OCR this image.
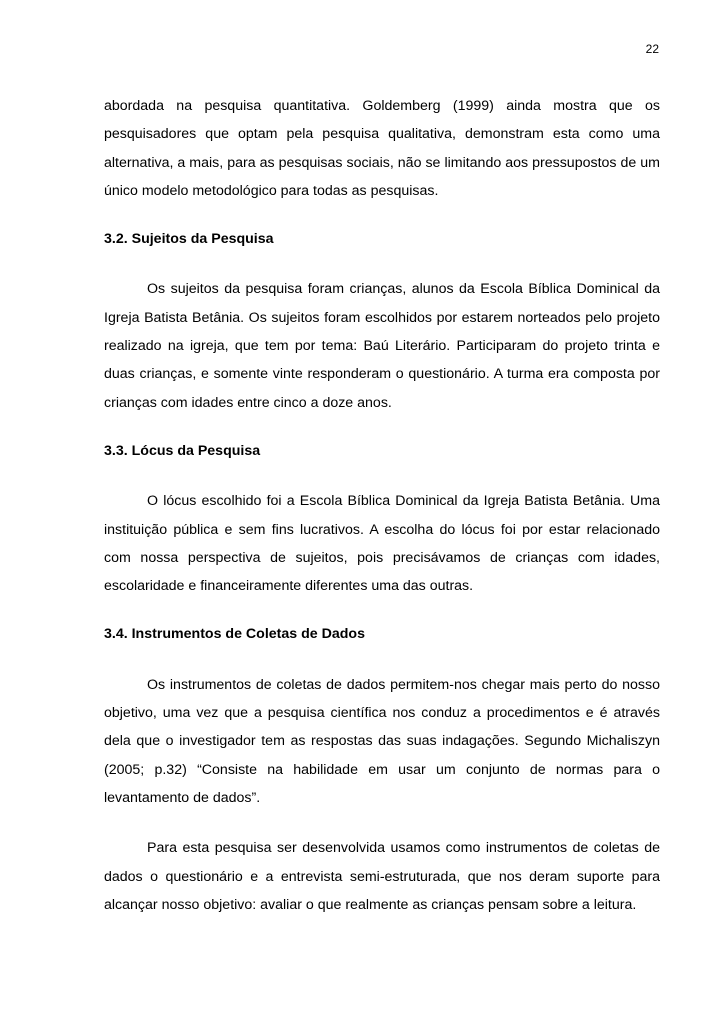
22

abordada na pesquisa quantitativa. Goldemberg (1999) ainda mostra que os pesquisadores que optam pela pesquisa qualitativa, demonstram esta como uma alternativa, a mais, para as pesquisas sociais, não se limitando aos pressupostos de um único modelo metodológico para todas as pesquisas.

3.2. Sujeitos da Pesquisa

Os sujeitos da pesquisa foram crianças, alunos da Escola Bíblica Dominical da Igreja Batista Betânia. Os sujeitos foram escolhidos por estarem norteados pelo projeto realizado na igreja, que tem por tema: Baú Literário. Participaram do projeto trinta e duas crianças, e somente vinte responderam o questionário. A turma era composta por crianças com idades entre cinco a doze anos.

3.3. Lócus da Pesquisa

O lócus escolhido foi a Escola Bíblica Dominical da Igreja Batista Betânia. Uma instituição pública e sem fins lucrativos. A escolha do lócus foi por estar relacionado com nossa perspectiva de sujeitos, pois precisávamos de crianças com idades, escolaridade e financeiramente diferentes uma das outras.

3.4. Instrumentos de Coletas de Dados

Os instrumentos de coletas de dados permitem-nos chegar mais perto do nosso objetivo, uma vez que a pesquisa científica nos conduz a procedimentos e é através dela que o investigador tem as respostas das suas indagações. Segundo Michaliszyn (2005; p.32) “Consiste na habilidade em usar um conjunto de normas para o levantamento de dados”.

Para esta pesquisa ser desenvolvida usamos como instrumentos de coletas de dados o questionário e a entrevista semi-estruturada, que nos deram suporte para alcançar nosso objetivo: avaliar o que realmente as crianças pensam sobre a leitura.
